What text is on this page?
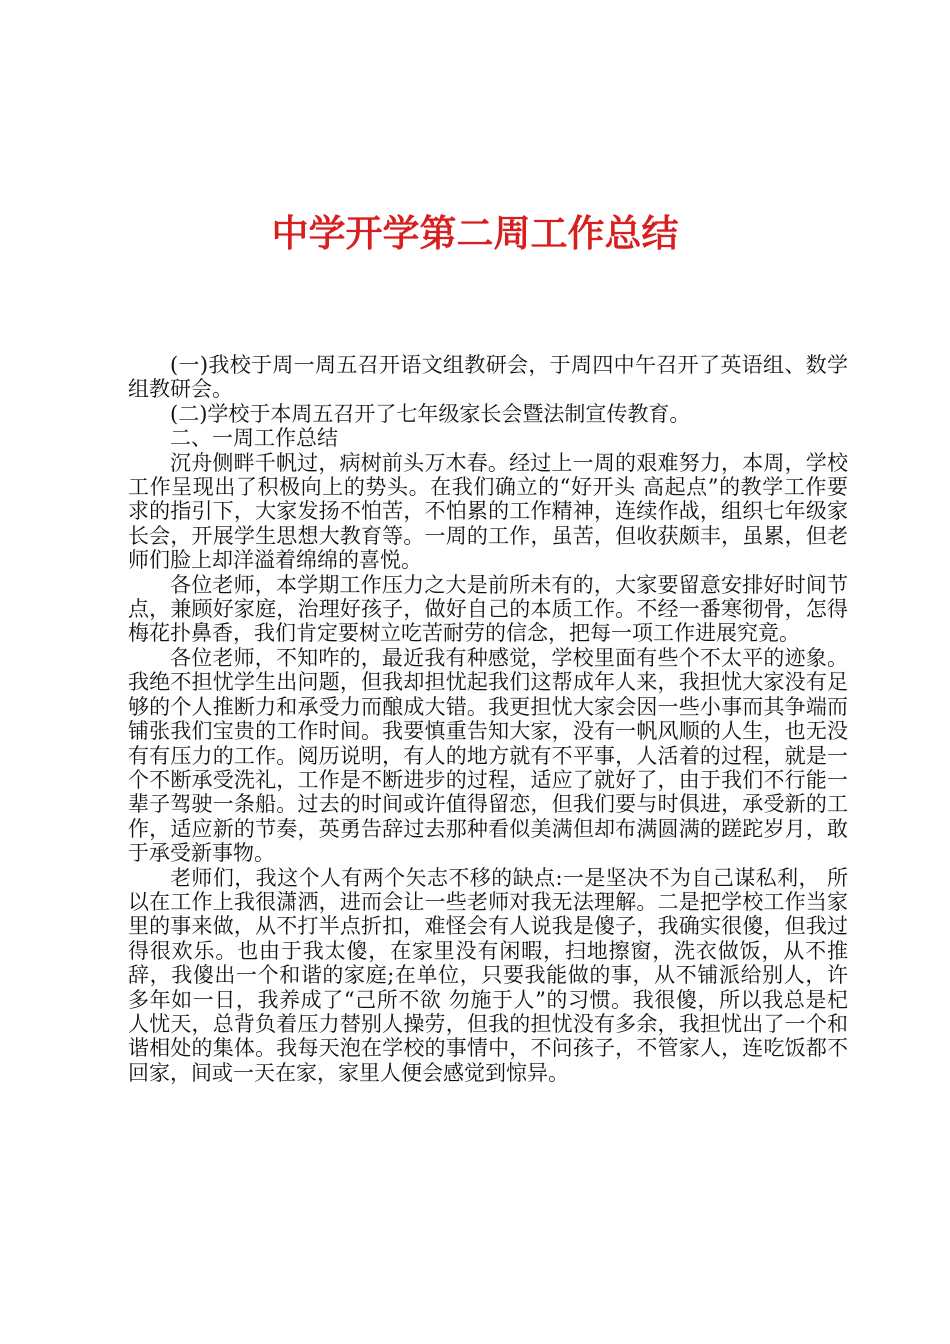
中学开学第二周工作总结

(一)我校于周一周五召开语文组教研会，于周四中午召开了英语组、数学组教研会。

(二)学校于本周五召开了七年级家长会暨法制宣传教育。

二、一周工作总结

沉舟侧畔千帆过，病树前头万木春。经过上一周的艰难努力，本周，学校工作呈现出了积极向上的势头。在我们确立的“好开头 高起点”的教学工作要求的指引下，大家发扬不怕苦，不怕累的工作精神，连续作战，组织七年级家长会，开展学生思想大教育等。一周的工作，虽苦，但收获颇丰，虽累，但老师们脸上却洋溢着绵绵的喜悦。

各位老师，本学期工作压力之大是前所未有的，大家要留意安排好时间节点，兼顾好家庭，治理好孩子，做好自己的本质工作。不经一番寒彻骨，怎得梅花扑鼻香，我们肯定要树立吃苦耐劳的信念，把每一项工作进展究竟。

各位老师，不知咋的，最近我有种感觉，学校里面有些个不太平的迹象。我绝不担忧学生出问题，但我却担忧起我们这帮成年人来，我担忧大家没有足够的个人推断力和承受力而酿成大错。我更担忧大家会因一些小事而其争端而铺张我们宝贵的工作时间。我要慎重告知大家，没有一帆风顺的人生，也无没有有压力的工作。阅历说明，有人的地方就有不平事，人活着的过程，就是一个不断承受洗礼，工作是不断进步的过程，适应了就好了，由于我们不行能一辈子驾驶一条船。过去的时间或许值得留恋，但我们要与时俱进，承受新的工作，适应新的节奏，英勇告辞过去那种看似美满但却布满圆满的蹉跎岁月，敢于承受新事物。

老师们，我这个人有两个矢志不移的缺点:一是坚决不为自己谋私利， 所以在工作上我很潇洒，进而会让一些老师对我无法理解。二是把学校工作当家里的事来做，从不打半点折扣，难怪会有人说我是傻子，我确实很傻，但我过得很欢乐。也由于我太傻，在家里没有闲暇，扫地擦窗，洗衣做饭，从不推辞，我傻出一个和谐的家庭;在单位，只要我能做的事，从不铺派给别人，许多年如一日，我养成了“己所不欲 勿施于人”的习惯。我很傻，所以我总是杞人忧天，总背负着压力替别人操劳，但我的担忧没有多余，我担忧出了一个和谐相处的集体。我每天泡在学校的事情中，不问孩子，不管家人，连吃饭都不回家，间或一天在家，家里人便会感觉到惊异。
